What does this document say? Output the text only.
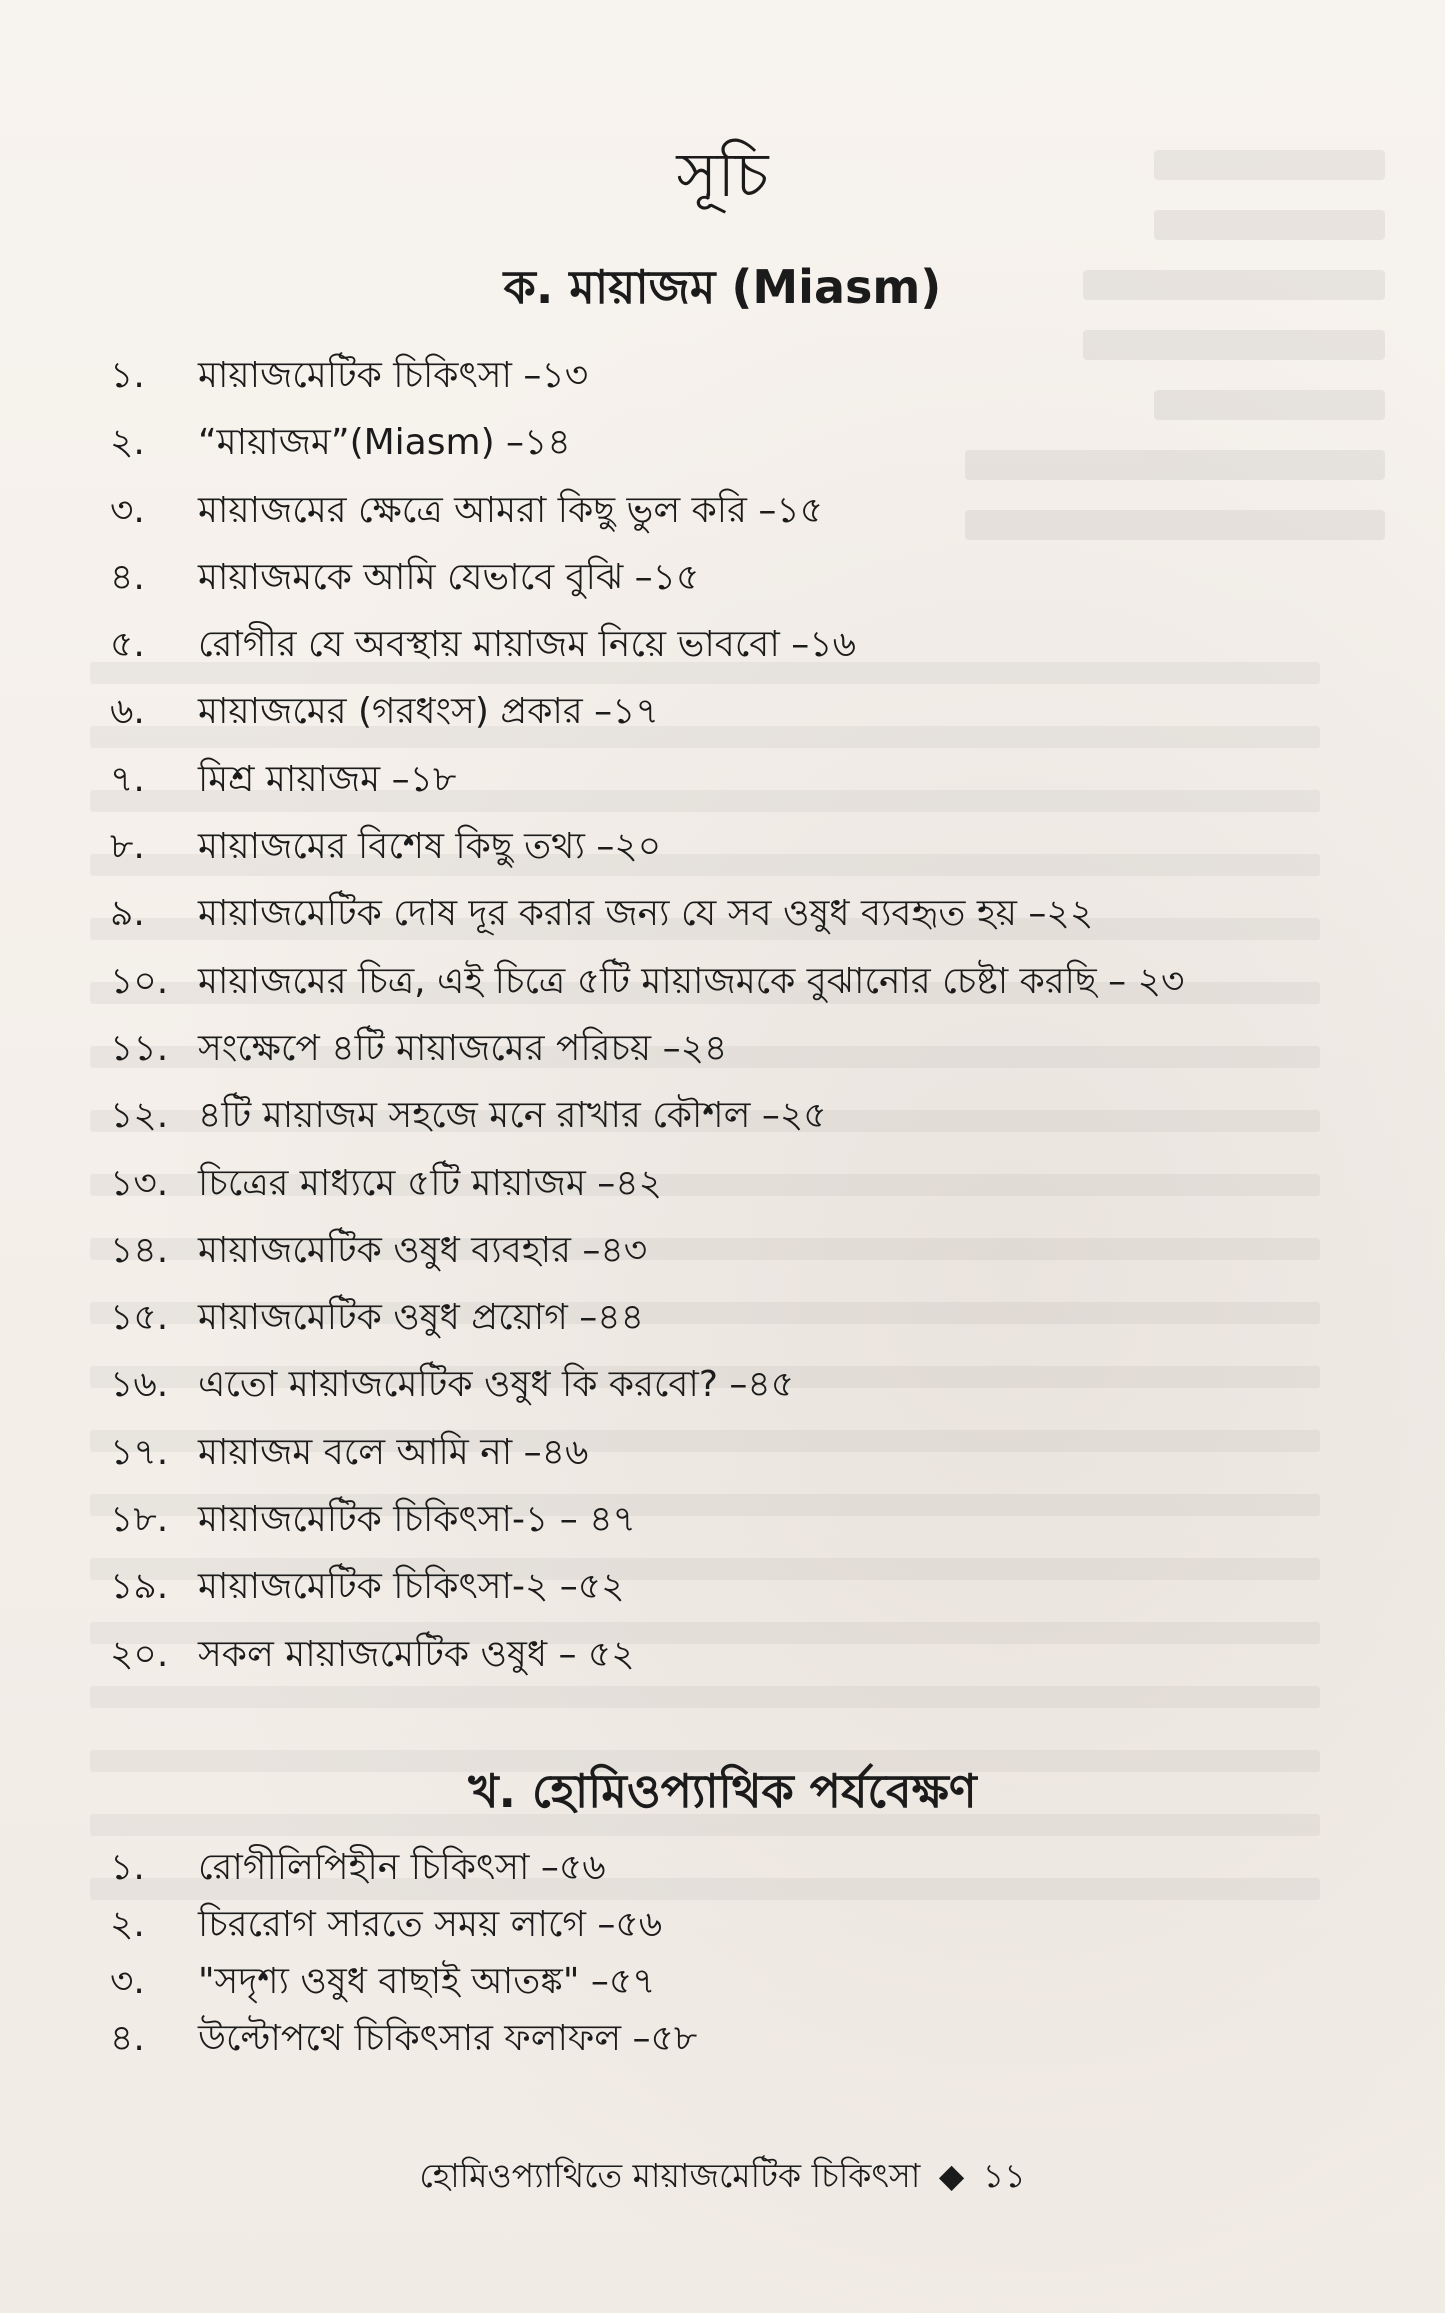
সূচি
ক. মায়াজম (Miasm)
১.	মায়াজমেটিক চিকিৎসা –১৩
২.	“মায়াজম”(Miasm) –১৪
৩.	মায়াজমের ক্ষেত্রে আমরা কিছু ভুল করি –১৫
৪.	মায়াজমকে আমি যেভাবে বুঝি –১৫
৫.	রোগীর যে অবস্থায় মায়াজম নিয়ে ভাববো –১৬
৬.	মায়াজমের (গরধংস) প্রকার –১৭
৭.	মিশ্র মায়াজম –১৮
৮.	মায়াজমের বিশেষ কিছু তথ্য –২০
৯.	মায়াজমেটিক দোষ দূর করার জন্য যে সব ওষুধ ব্যবহৃত হয় –২২
১০. মায়াজমের চিত্র, এই চিত্রে ৫টি মায়াজমকে বুঝানোর চেষ্টা করছি – ২৩
১১. সংক্ষেপে ৪টি মায়াজমের পরিচয় –২৪
১২. ৪টি মায়াজম সহজে মনে রাখার কৌশল –২৫
১৩. চিত্রের মাধ্যমে ৫টি মায়াজম –৪২
১৪. মায়াজমেটিক ওষুধ ব্যবহার –৪৩
১৫. মায়াজমেটিক ওষুধ প্রয়োগ –৪৪
১৬. এতো মায়াজমেটিক ওষুধ কি করবো? –৪৫
১৭. মায়াজম বলে আমি না –৪৬
১৮. মায়াজমেটিক চিকিৎসা-১ – ৪৭
১৯. মায়াজমেটিক চিকিৎসা-২ –৫২
২০. সকল মায়াজমেটিক ওষুধ – ৫২
খ. হোমিওপ্যাথিক পর্যবেক্ষণ
১.	রোগীলিপিহীন চিকিৎসা –৫৬
২.	চিররোগ সারতে সময় লাগে –৫৬
৩.	"সদৃশ্য ওষুধ বাছাই আতঙ্ক" –৫৭
৪.	উল্টোপথে চিকিৎসার ফলাফল –৫৮
হোমিওপ্যাথিতে মায়াজমেটিক চিকিৎসা ◆ ১১
